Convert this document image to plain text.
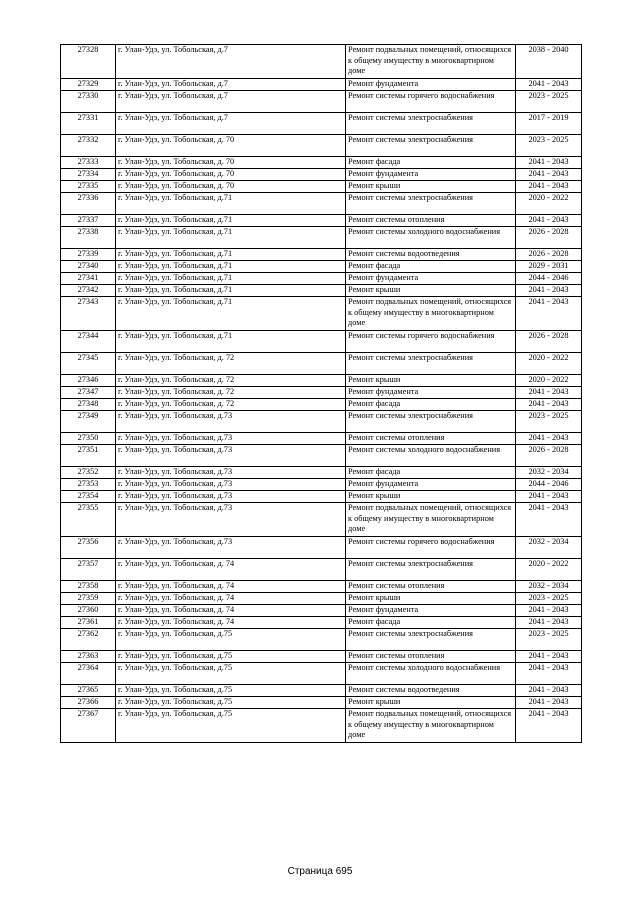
27328	г. Улан-Удэ, ул. Тобольская, д.7	Ремонт подвальных помещений, относящихся к общему имуществу в многоквартирном доме	2038 - 2040
27329	г. Улан-Удэ, ул. Тобольская, д.7	Ремонт фундамента	2041 - 2043
27330	г. Улан-Удэ, ул. Тобольская, д.7	Ремонт системы горячего водоснабжения	2023 - 2025
27331	г. Улан-Удэ, ул. Тобольская, д.7	Ремонт системы электроснабжения	2017 - 2019
27332	г. Улан-Удэ, ул. Тобольская, д. 70	Ремонт системы электроснабжения	2023 - 2025
27333	г. Улан-Удэ, ул. Тобольская, д. 70	Ремонт фасада	2041 - 2043
27334	г. Улан-Удэ, ул. Тобольская, д. 70	Ремонт фундамента	2041 - 2043
27335	г. Улан-Удэ, ул. Тобольская, д. 70	Ремонт крыши	2041 - 2043
27336	г. Улан-Удэ, ул. Тобольская, д.71	Ремонт системы электроснабжения	2020 - 2022
27337	г. Улан-Удэ, ул. Тобольская, д.71	Ремонт системы отопления	2041 - 2043
27338	г. Улан-Удэ, ул. Тобольская, д.71	Ремонт системы холодного водоснабжения	2026 - 2028
27339	г. Улан-Удэ, ул. Тобольская, д.71	Ремонт системы водоотведения	2026 - 2028
27340	г. Улан-Удэ, ул. Тобольская, д.71	Ремонт фасада	2029 - 2031
27341	г. Улан-Удэ, ул. Тобольская, д.71	Ремонт фундамента	2044 - 2046
27342	г. Улан-Удэ, ул. Тобольская, д.71	Ремонт крыши	2041 - 2043
27343	г. Улан-Удэ, ул. Тобольская, д.71	Ремонт подвальных помещений, относящихся к общему имуществу в многоквартирном доме	2041 - 2043
27344	г. Улан-Удэ, ул. Тобольская, д.71	Ремонт системы горячего водоснабжения	2026 - 2028
27345	г. Улан-Удэ, ул. Тобольская, д. 72	Ремонт системы электроснабжения	2020 - 2022
27346	г. Улан-Удэ, ул. Тобольская, д. 72	Ремонт крыши	2020 - 2022
27347	г. Улан-Удэ, ул. Тобольская, д. 72	Ремонт фундамента	2041 - 2043
27348	г. Улан-Удэ, ул. Тобольская, д. 72	Ремонт фасада	2041 - 2043
27349	г. Улан-Удэ, ул. Тобольская, д.73	Ремонт системы электроснабжения	2023 - 2025
27350	г. Улан-Удэ, ул. Тобольская, д.73	Ремонт системы отопления	2041 - 2043
27351	г. Улан-Удэ, ул. Тобольская, д.73	Ремонт системы холодного водоснабжения	2026 - 2028
27352	г. Улан-Удэ, ул. Тобольская, д.73	Ремонт фасада	2032 - 2034
27353	г. Улан-Удэ, ул. Тобольская, д.73	Ремонт фундамента	2044 - 2046
27354	г. Улан-Удэ, ул. Тобольская, д.73	Ремонт крыши	2041 - 2043
27355	г. Улан-Удэ, ул. Тобольская, д.73	Ремонт подвальных помещений, относящихся к общему имуществу в многоквартирном доме	2041 - 2043
27356	г. Улан-Удэ, ул. Тобольская, д.73	Ремонт системы горячего водоснабжения	2032 - 2034
27357	г. Улан-Удэ, ул. Тобольская, д. 74	Ремонт системы электроснабжения	2020 - 2022
27358	г. Улан-Удэ, ул. Тобольская, д. 74	Ремонт системы отопления	2032 - 2034
27359	г. Улан-Удэ, ул. Тобольская, д. 74	Ремонт крыши	2023 - 2025
27360	г. Улан-Удэ, ул. Тобольская, д. 74	Ремонт фундамента	2041 - 2043
27361	г. Улан-Удэ, ул. Тобольская, д. 74	Ремонт фасада	2041 - 2043
27362	г. Улан-Удэ, ул. Тобольская, д.75	Ремонт системы электроснабжения	2023 - 2025
27363	г. Улан-Удэ, ул. Тобольская, д.75	Ремонт системы отопления	2041 - 2043
27364	г. Улан-Удэ, ул. Тобольская, д.75	Ремонт системы холодного водоснабжения	2041 - 2043
27365	г. Улан-Удэ, ул. Тобольская, д.75	Ремонт системы водоотведения	2041 - 2043
27366	г. Улан-Удэ, ул. Тобольская, д.75	Ремонт крыши	2041 - 2043
27367	г. Улан-Удэ, ул. Тобольская, д.75	Ремонт подвальных помещений, относящихся к общему имуществу в многоквартирном доме	2041 - 2043
Страница 695
